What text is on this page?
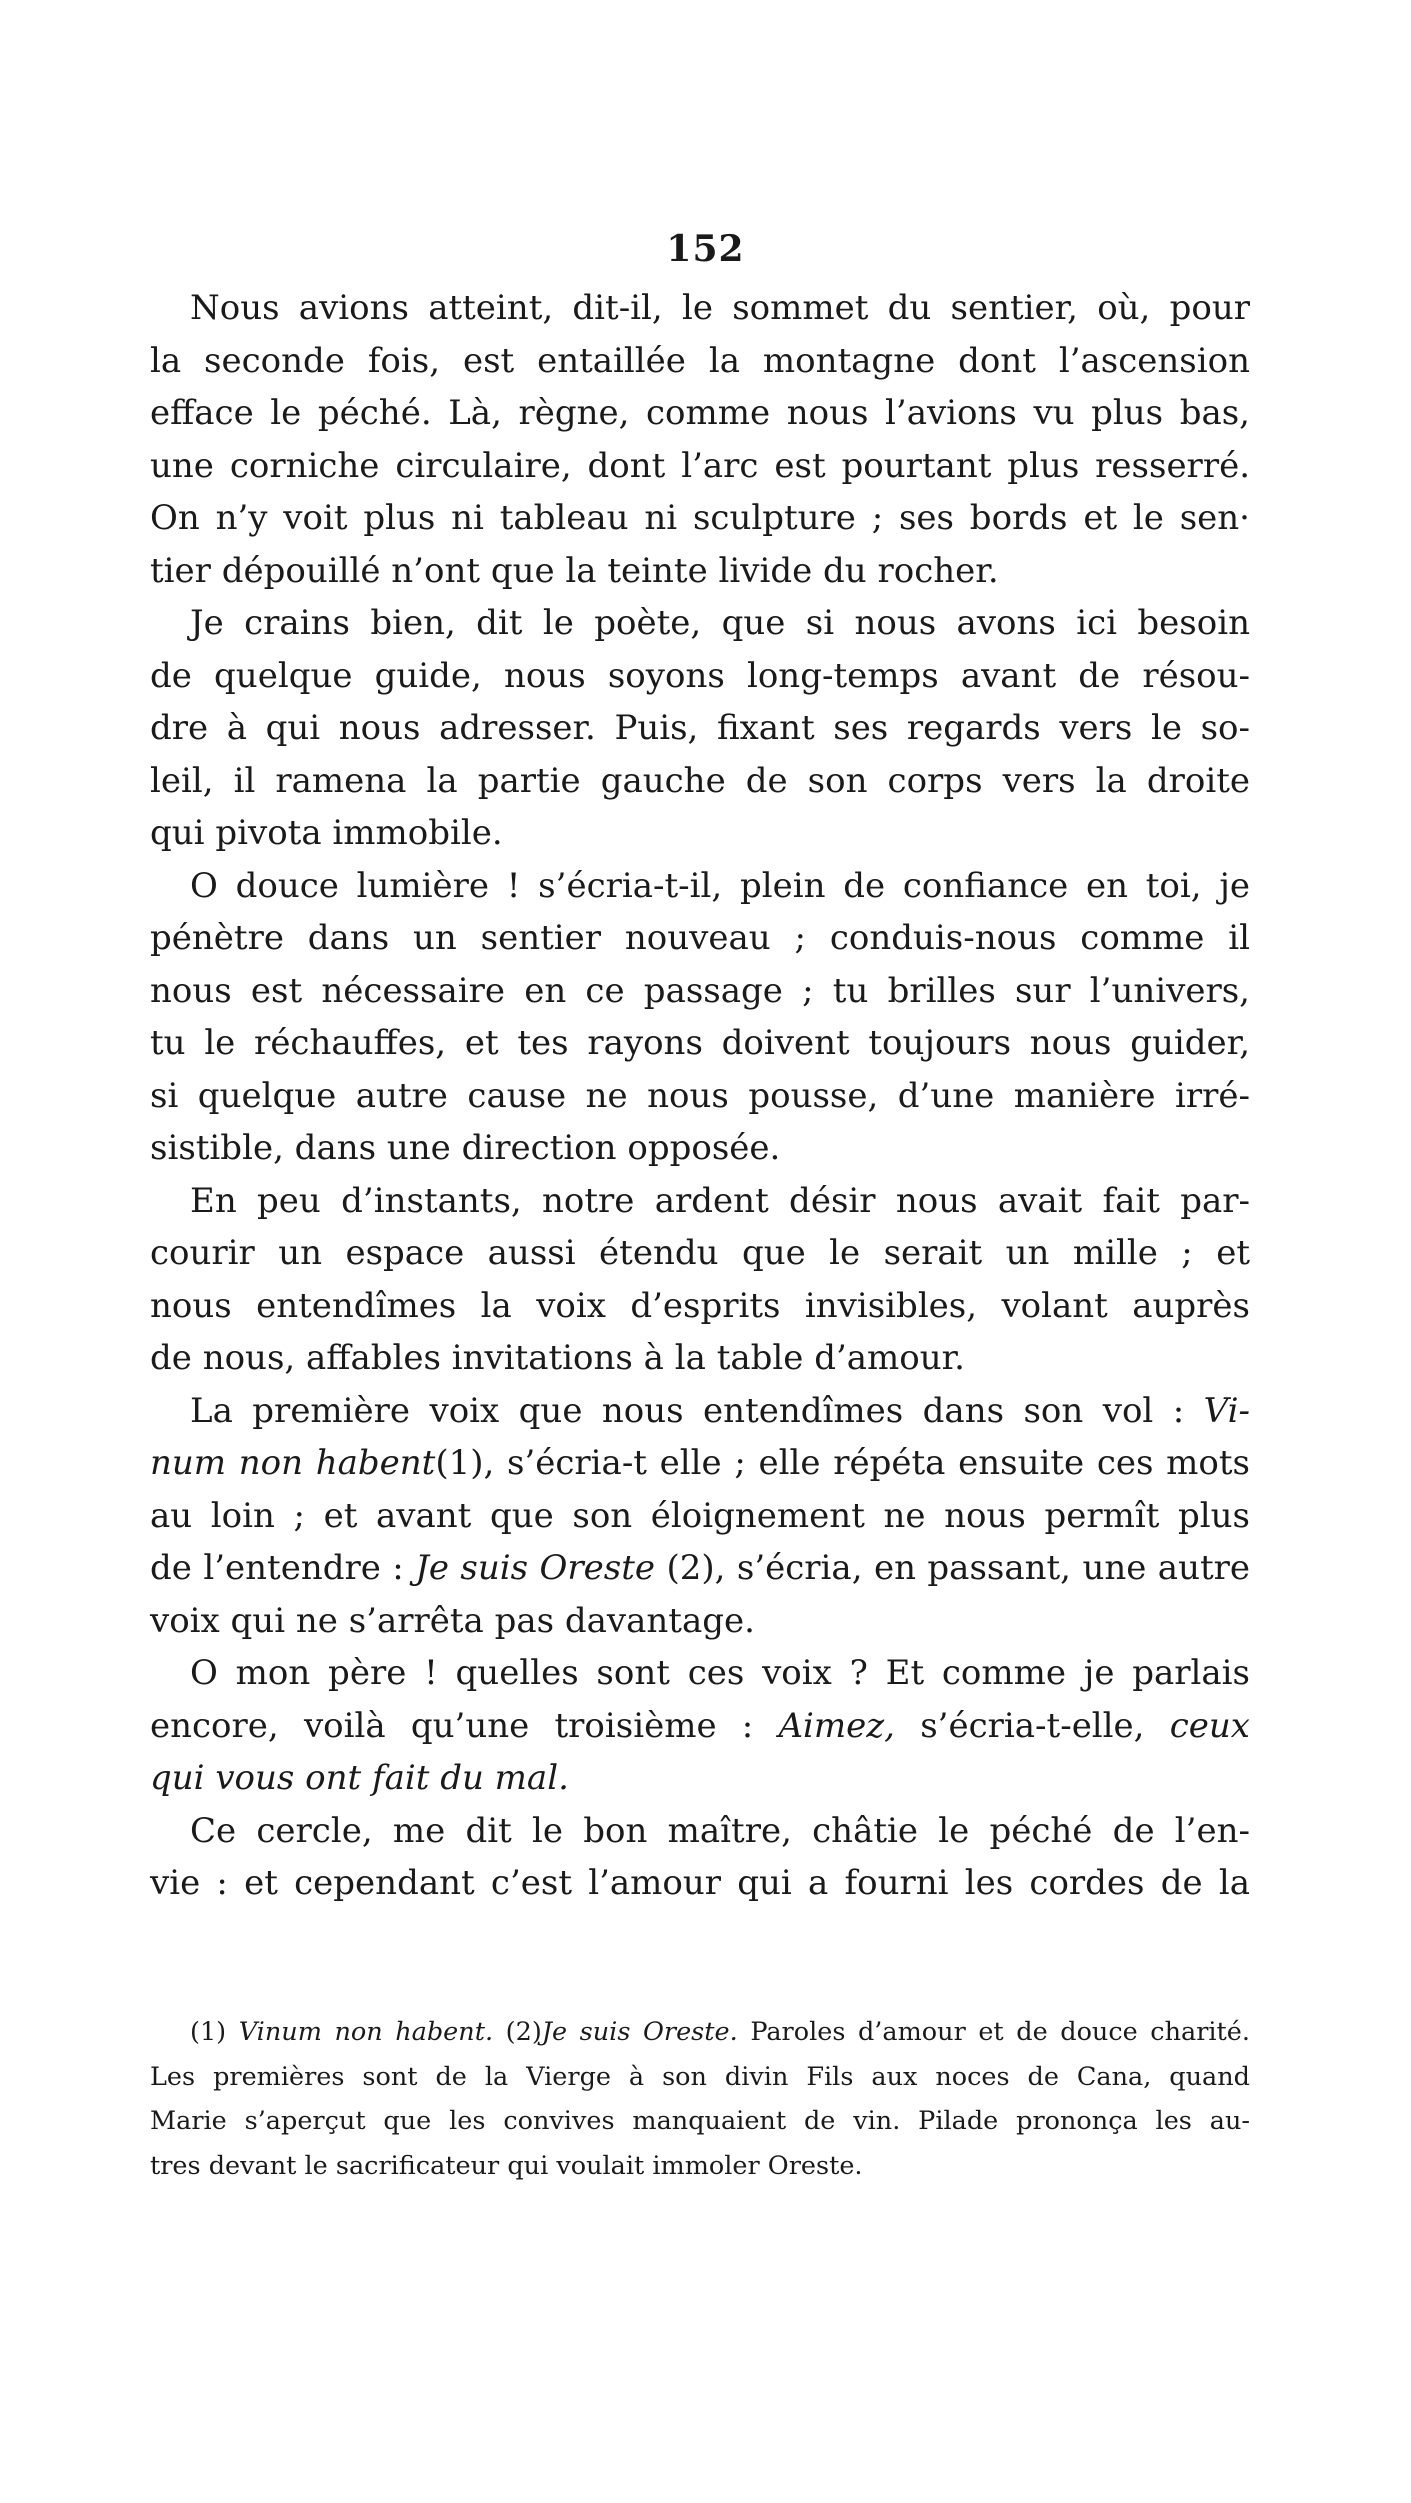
152
Nous avions atteint, dit-il, le sommet du sentier, où, pour
la seconde fois, est entaillée la montagne dont l’ascension
efface le péché. Là, règne, comme nous l’avions vu plus bas,
une corniche circulaire, dont l’arc est pourtant plus resserré.
On n’y voit plus ni tableau ni sculpture ; ses bords et le sen·
tier dépouillé n’ont que la teinte livide du rocher.
Je crains bien, dit le poète, que si nous avons ici besoin
de quelque guide, nous soyons long-temps avant de résou-
dre à qui nous adresser. Puis, fixant ses regards vers le so-
leil, il ramena la partie gauche de son corps vers la droite
qui pivota immobile.
O douce lumière ! s’écria-t-il, plein de confiance en toi, je
pénètre dans un sentier nouveau ; conduis-nous comme il
nous est nécessaire en ce passage ; tu brilles sur l’univers,
tu le réchauffes, et tes rayons doivent toujours nous guider,
si quelque autre cause ne nous pousse, d’une manière irré-
sistible, dans une direction opposée.
En peu d’instants, notre ardent désir nous avait fait par-
courir un espace aussi étendu que le serait un mille ; et
nous entendîmes la voix d’esprits invisibles, volant auprès
de nous, affables invitations à la table d’amour.
La première voix que nous entendîmes dans son vol : Vi-
num non habent(1), s’écria-t elle ; elle répéta ensuite ces mots
au loin ; et avant que son éloignement ne nous permît plus
de l’entendre : Je suis Oreste (2), s’écria, en passant, une autre
voix qui ne s’arrêta pas davantage.
O mon père ! quelles sont ces voix ? Et comme je parlais
encore, voilà qu’une troisième : Aimez, s’écria-t-elle, ceux
qui vous ont fait du mal.
Ce cercle, me dit le bon maître, châtie le péché de l’en-
vie : et cependant c’est l’amour qui a fourni les cordes de la
(1) Vinum non habent. (2)Je suis Oreste. Paroles d’amour et de douce charité.
Les premières sont de la Vierge à son divin Fils aux noces de Cana, quand
Marie s’aperçut que les convives manquaient de vin. Pilade prononça les au-
tres devant le sacrificateur qui voulait immoler Oreste.
